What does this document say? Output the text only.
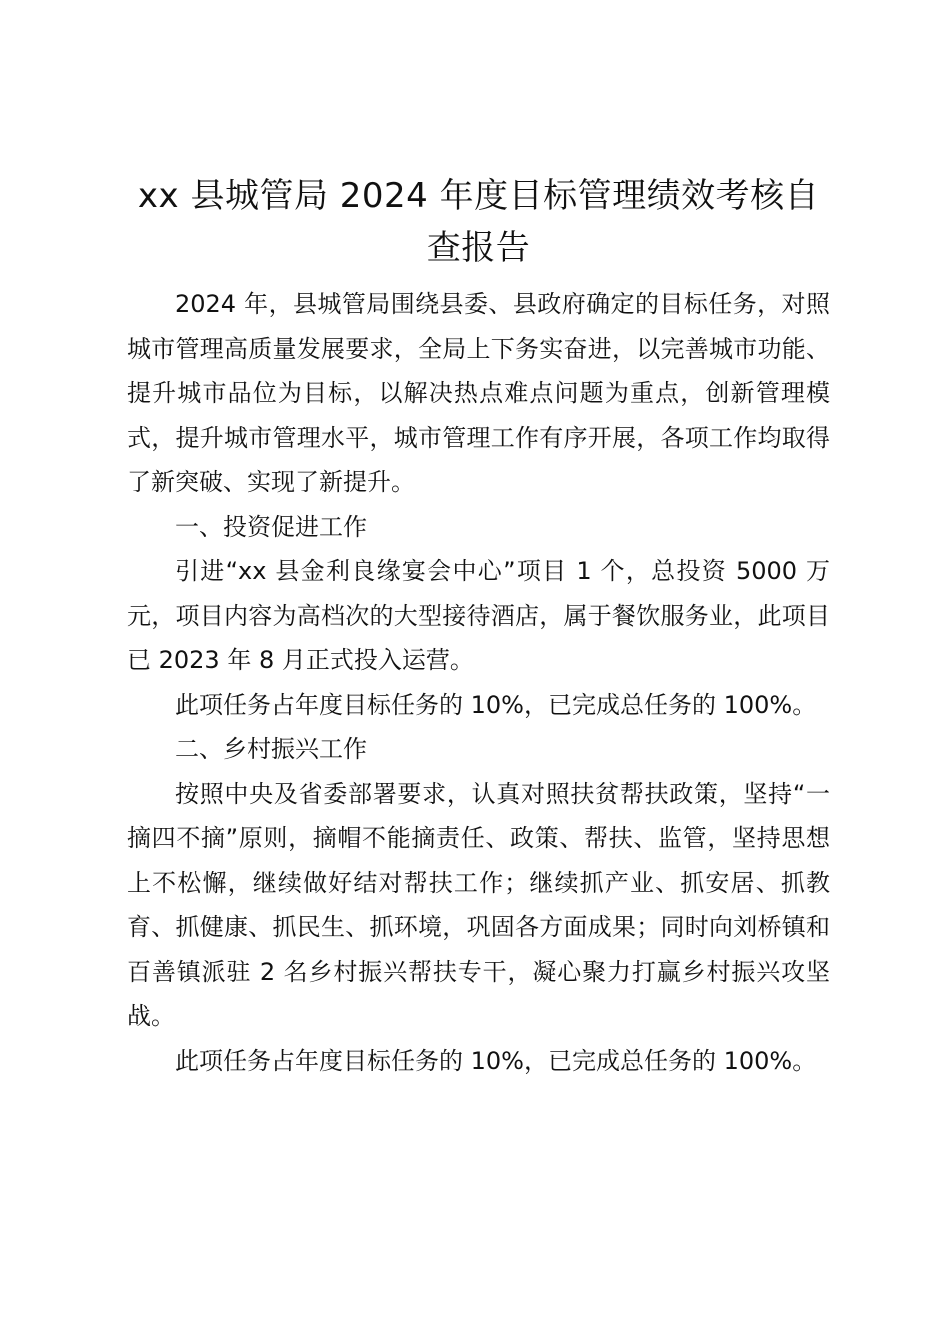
xx 县城管局 2024 年度目标管理绩效考核自查报告

2024 年，县城管局围绕县委、县政府确定的目标任务，对照城市管理高质量发展要求，全局上下务实奋进，以完善城市功能、提升城市品位为目标，以解决热点难点问题为重点，创新管理模式，提升城市管理水平，城市管理工作有序开展，各项工作均取得了新突破、实现了新提升。

一、投资促进工作

引进“xx 县金利良缘宴会中心”项目 1 个，总投资 5000 万元，项目内容为高档次的大型接待酒店，属于餐饮服务业，此项目已 2023 年 8 月正式投入运营。

此项任务占年度目标任务的 10%，已完成总任务的 100%。

二、乡村振兴工作

按照中央及省委部署要求，认真对照扶贫帮扶政策，坚持“一摘四不摘”原则，摘帽不能摘责任、政策、帮扶、监管，坚持思想上不松懈，继续做好结对帮扶工作；继续抓产业、抓安居、抓教育、抓健康、抓民生、抓环境，巩固各方面成果；同时向刘桥镇和百善镇派驻 2 名乡村振兴帮扶专干，凝心聚力打赢乡村振兴攻坚战。

此项任务占年度目标任务的 10%，已完成总任务的 100%。
